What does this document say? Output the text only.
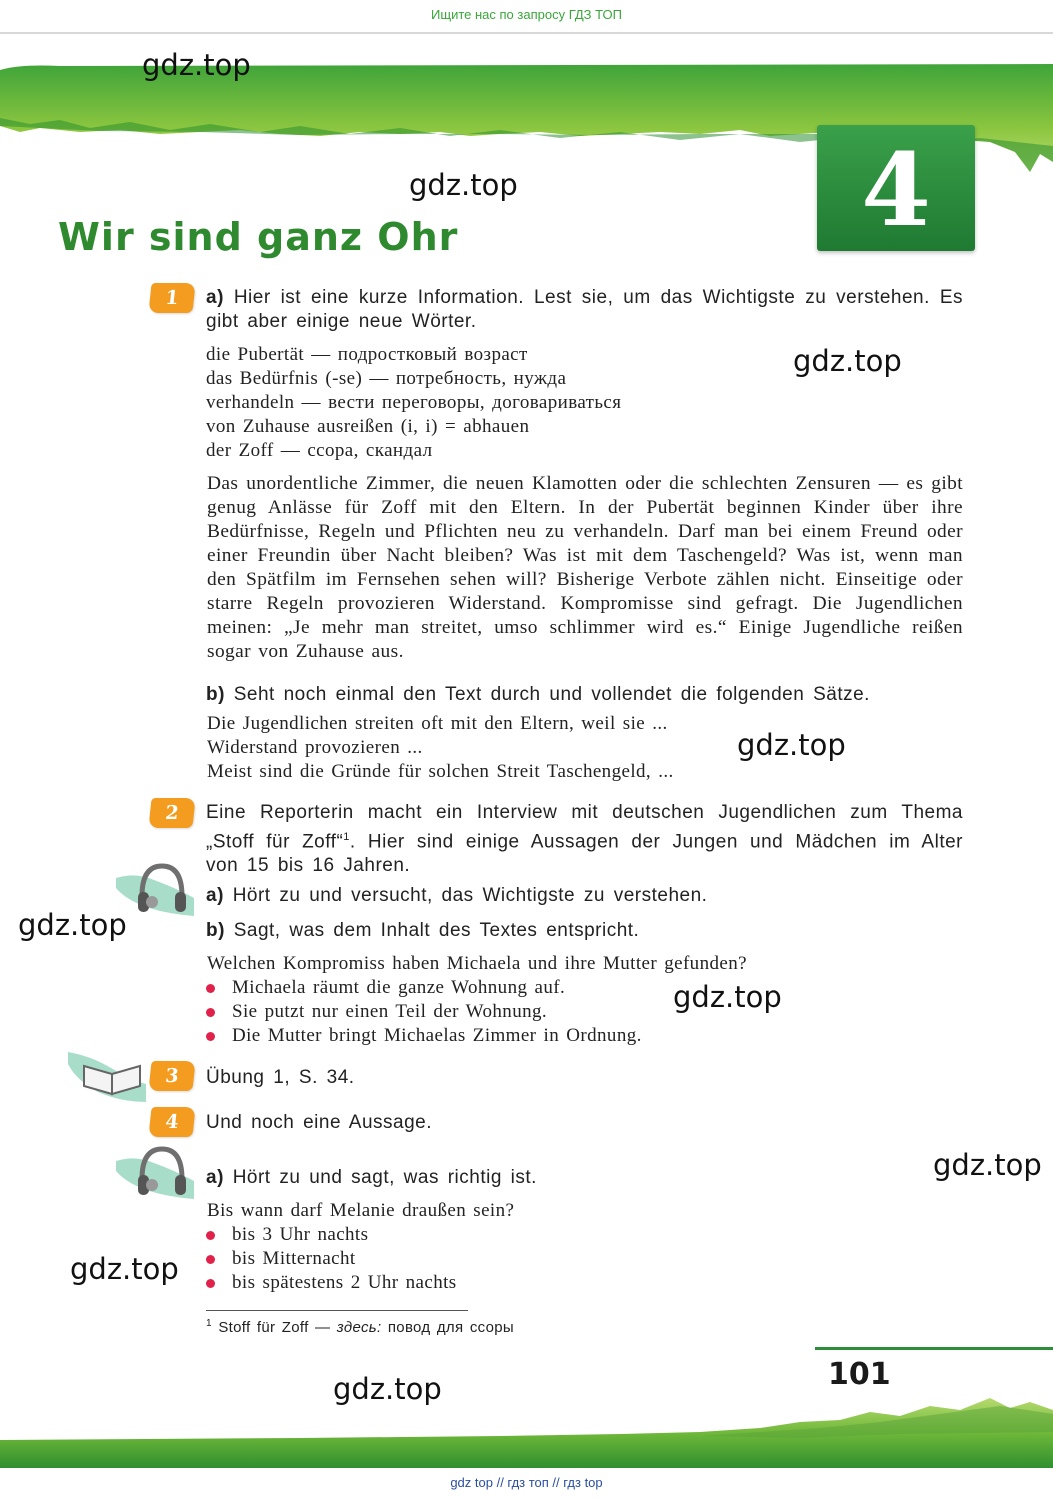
Ищите нас по запросу ГДЗ ТОП
4
Wir sind ganz Ohr
gdz.top
gdz.top
gdz.top
gdz.top
gdz.top
gdz.top
gdz.top
gdz.top
gdz.top
1	a) Hier ist eine kurze Information. Lest sie, um das Wichtigste zu verstehen. Es gibt aber einige neue Wörter.
die Pubertät — подростковый возраст
das Bedürfnis (-se) — потребность, нужда
verhandeln — вести переговоры, договариваться
von Zuhause ausreißen (i, i) = abhauen
der Zoff — ссора, скандал
Das unordentliche Zimmer, die neuen Klamotten oder die schlechten Zensuren — es gibt genug Anlässe für Zoff mit den Eltern. In der Pubertät beginnen Kinder über ihre Bedürfnisse, Regeln und Pflichten neu zu verhandeln. Darf man bei einem Freund oder einer Freundin über Nacht bleiben? Was ist mit dem Taschengeld? Was ist, wenn man den Spätfilm im Fernsehen sehen will? Bisherige Verbote zählen nicht. Einseitige oder starre Regeln provozieren Widerstand. Kompromisse sind gefragt. Die Jugendlichen meinen: „Je mehr man streitet, umso schlimmer wird es.“ Einige Jugendliche reißen sogar von Zuhause aus.
b) Seht noch einmal den Text durch und vollendet die folgenden Sätze.
Die Jugendlichen streiten oft mit den Eltern, weil sie ...
Widerstand provozieren ...
Meist sind die Gründe für solchen Streit Taschengeld, ...
2	Eine Reporterin macht ein Interview mit deutschen Jugendlichen zum Thema „Stoff für Zoff“$^1$. Hier sind einige Aussagen der Jungen und Mädchen im Alter von 15 bis 16 Jahren.
a) Hört zu und versucht, das Wichtigste zu verstehen.
b) Sagt, was dem Inhalt des Textes entspricht.
Welchen Kompromiss haben Michaela und ihre Mutter gefunden?
Michaela räumt die ganze Wohnung auf.
Sie putzt nur einen Teil der Wohnung.
Die Mutter bringt Michaelas Zimmer in Ordnung.
3	Übung 1, S. 34.
4	Und noch eine Aussage.
a) Hört zu und sagt, was richtig ist.
Bis wann darf Melanie draußen sein?
bis 3 Uhr nachts
bis Mitternacht
bis spätestens 2 Uhr nachts
$^1$ Stoff für Zoff — здесь: повод для ссоры
101
gdz top // гдз топ // гдз top
